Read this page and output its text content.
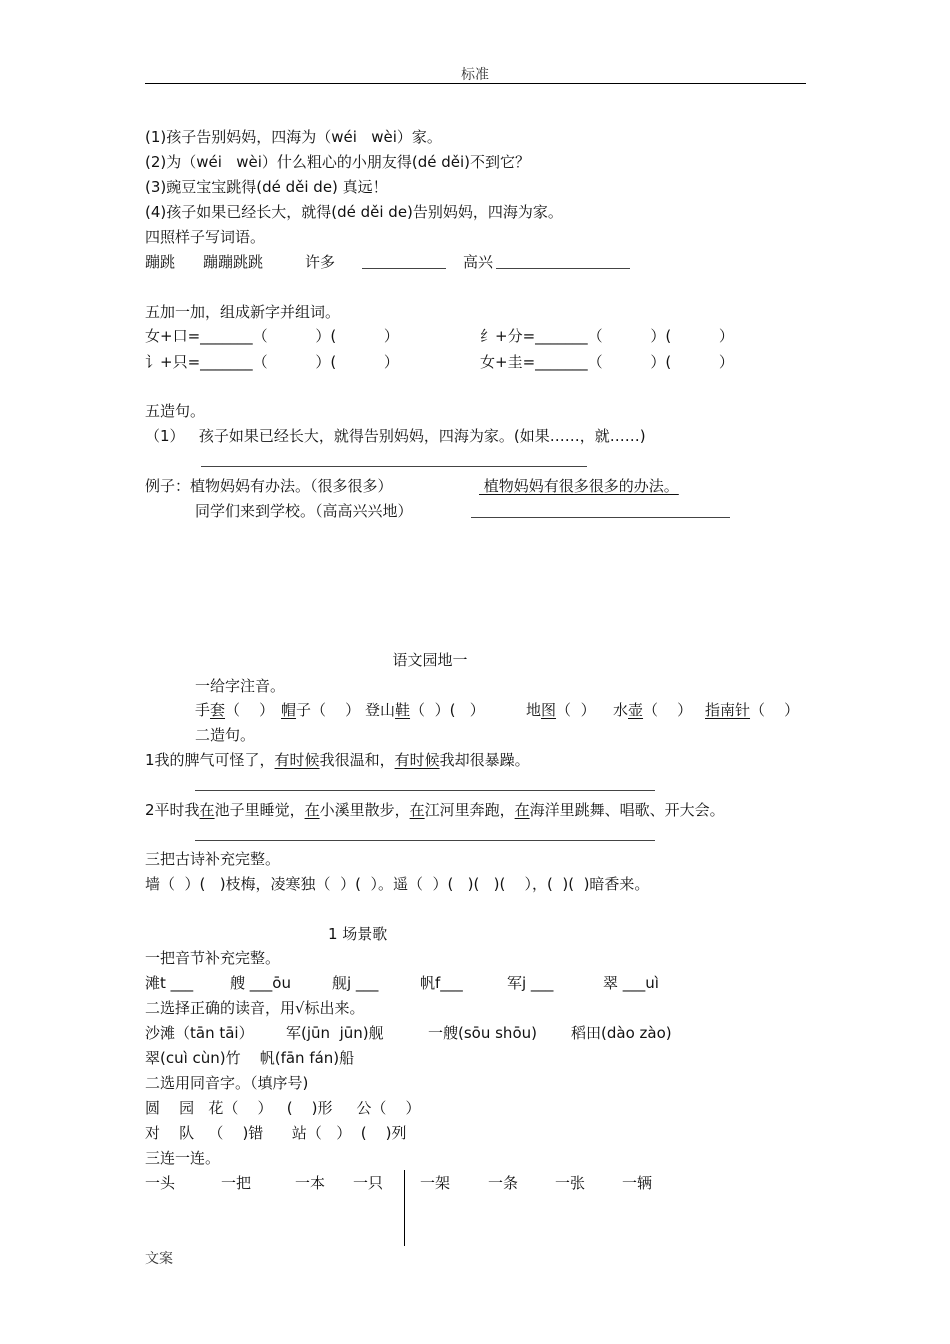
标准
(1)孩子告别妈妈，四海为（wéi   wèi）家。
(2)为（wéi   wèi）什么粗心的小朋友得(dé děi)不到它？
(3)豌豆宝宝跳得(dé děi de) 真远！
(4)孩子如果已经长大，就得(dé děi de)告别妈妈，四海为家。
四照样子写词语。
蹦跳 蹦蹦跳跳	许多	高兴
五加一加，组成新字并组词。
女+口=_______（          ）(          ）	纟+分=_______（          ）(          ）
讠+只=_______（          ）(          ）	女+圭=_______（          ）(          ）
五造句。
（1）   孩子如果已经长大，就得告别妈妈，四海为家。(如果……，就……)
例子：植物妈妈有办法。（很多很多）	植物妈妈有很多很多的办法。
同学们来到学校。（高高兴兴地）
语文园地一
一给字注音。
手套（    ） 帽子（    ） 登山鞋（  ）(   ）	地图（  ） 水壶（    ） 指南针（    ）
二造句。
1我的脾气可怪了，有时候我很温和，有时候我却很暴躁。
2平时我在池子里睡觉，在小溪里散步，在江河里奔跑，在海洋里跳舞、唱歌、开大会。
三把古诗补充完整。
墙（  ）(   )枝梅，凌寒独（  ）(  ）。遥（  ）(   )(   )(    ），(  )(  )暗香来。
1 场景歌
一把音节补充完整。
滩t ___ 艘 ___ōu	舰j ___	帆f___	军j ___	翠 ___uì
二选择正确的读音，用√标出来。
沙滩（tān tāi） 军(jūn  jūn)舰	一艘(sōu shōu) 稻田(dào zào)
翠(cuì cùn)竹    帆(fān fán)船
二选用同音字。（填序号)
圆    园   花（    ）   (    )形     公（    ）
对    队   （    )错      站（   ）  (    )列
三连一连。
一头	一把	一本 一只 一架	一条 一张 一辆
文案
